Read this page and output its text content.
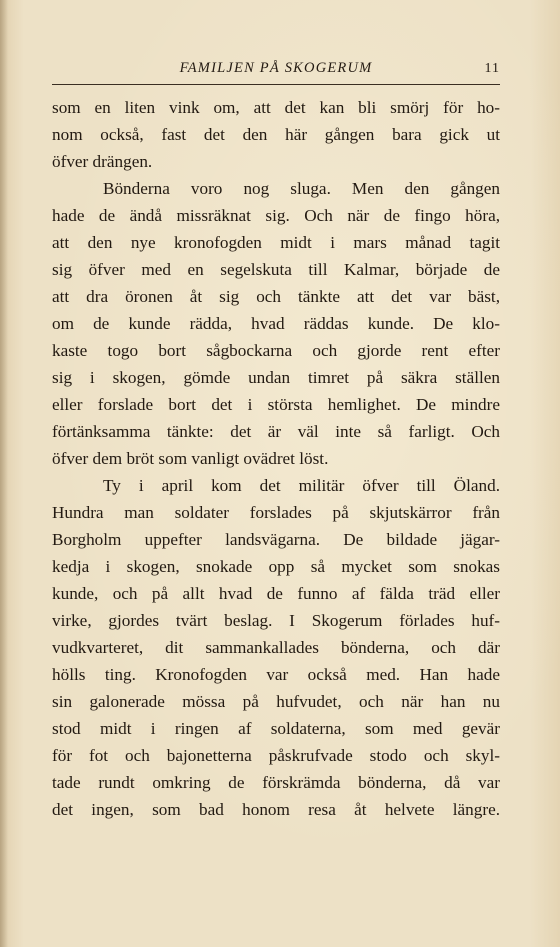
FAMILJEN PÅ SKOGERUM	11
som en liten vink om, att det kan bli smörj för ho-
nom också, fast det den här gången bara gick ut
öfver drängen.
Bönderna voro nog sluga. Men den gången
hade de ändå missräknat sig. Och när de fingo höra,
att den nye kronofogden midt i mars månad tagit
sig öfver med en segelskuta till Kalmar, började de
att dra öronen åt sig och tänkte att det var bäst,
om de kunde rädda, hvad räddas kunde. De klo-
kaste togo bort sågbockarna och gjorde rent efter
sig i skogen, gömde undan timret på säkra ställen
eller forslade bort det i största hemlighet. De mindre
förtänksamma tänkte: det är väl inte så farligt. Och
öfver dem bröt som vanligt ovädret löst.
Ty i april kom det militär öfver till Öland.
Hundra man soldater forslades på skjutskärror från
Borgholm uppefter landsvägarna. De bildade jägar-
kedja i skogen, snokade opp så mycket som snokas
kunde, och på allt hvad de funno af fälda träd eller
virke, gjordes tvärt beslag. I Skogerum förlades huf-
vudkvarteret, dit sammankallades bönderna, och där
hölls ting. Kronofogden var också med. Han hade
sin galonerade mössa på hufvudet, och när han nu
stod midt i ringen af soldaterna, som med gevär
för fot och bajonetterna påskrufvade stodo och skyl-
tade rundt omkring de förskrämda bönderna, då var
det ingen, som bad honom resa åt helvete längre.
